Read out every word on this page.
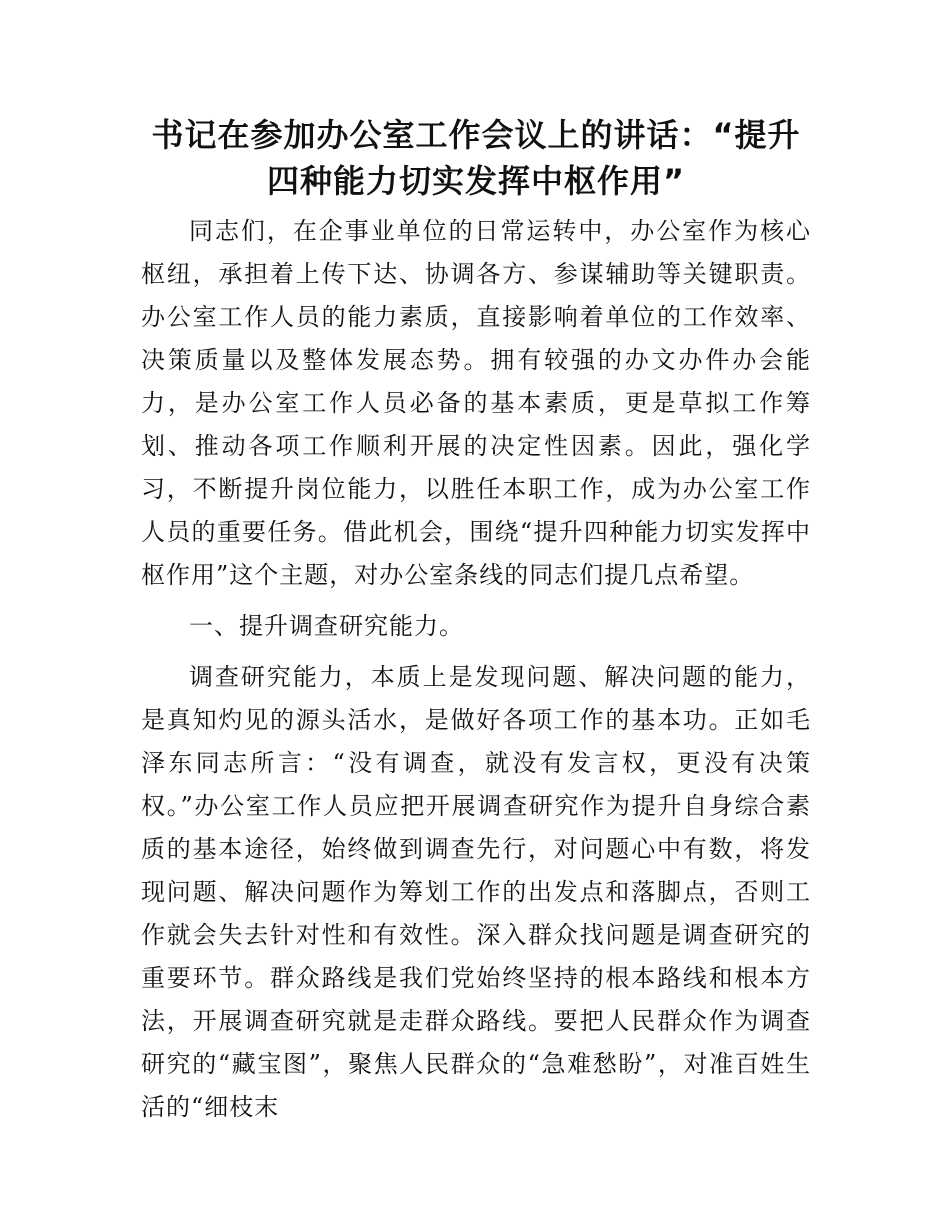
书记在参加办公室工作会议上的讲话：“提升
四种能力切实发挥中枢作用”

同志们，在企事业单位的日常运转中，办公室作为核心枢纽，承担着上传下达、协调各方、参谋辅助等关键职责。办公室工作人员的能力素质，直接影响着单位的工作效率、决策质量以及整体发展态势。拥有较强的办文办件办会能力，是办公室工作人员必备的基本素质，更是草拟工作筹划、推动各项工作顺利开展的决定性因素。因此，强化学习，不断提升岗位能力，以胜任本职工作，成为办公室工作人员的重要任务。借此机会，围绕“提升四种能力切实发挥中枢作用”这个主题，对办公室条线的同志们提几点希望。

一、提升调查研究能力。

调查研究能力，本质上是发现问题、解决问题的能力，是真知灼见的源头活水，是做好各项工作的基本功。正如毛泽东同志所言：“没有调查，就没有发言权，更没有决策权。”办公室工作人员应把开展调查研究作为提升自身综合素质的基本途径，始终做到调查先行，对问题心中有数，将发现问题、解决问题作为筹划工作的出发点和落脚点，否则工作就会失去针对性和有效性。深入群众找问题是调查研究的重要环节。群众路线是我们党始终坚持的根本路线和根本方法，开展调查研究就是走群众路线。要把人民群众作为调查研究的“藏宝图”，聚焦人民群众的“急难愁盼”，对准百姓生活的“细枝末
